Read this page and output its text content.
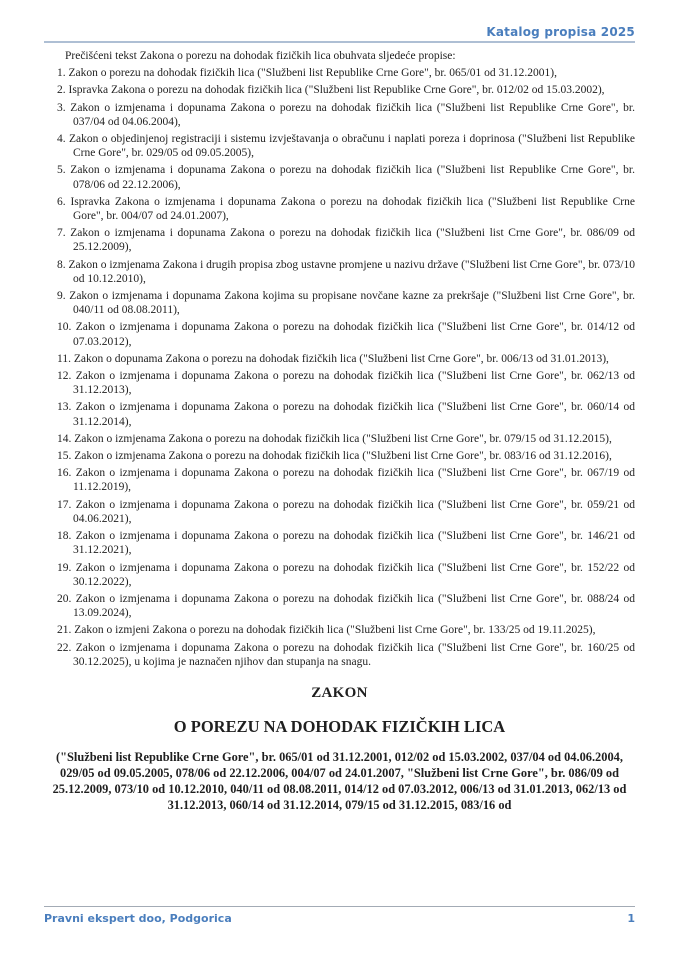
Katalog propisa 2025

Prečišćeni tekst Zakona o porezu na dohodak fizičkih lica obuhvata sljedeće propise:

1. Zakon o porezu na dohodak fizičkih lica ("Službeni list Republike Crne Gore", br. 065/01 od 31.12.2001),

2. Ispravka Zakona o porezu na dohodak fizičkih lica ("Službeni list Republike Crne Gore", br. 012/02 od 15.03.2002),

3. Zakon o izmjenama i dopunama Zakona o porezu na dohodak fizičkih lica ("Službeni list Republike Crne Gore", br. 037/04 od 04.06.2004),

4. Zakon o objedinjenoj registraciji i sistemu izvještavanja o obračunu i naplati poreza i doprinosa ("Službeni list Republike Crne Gore", br. 029/05 od 09.05.2005),

5. Zakon o izmjenama i dopunama Zakona o porezu na dohodak fizičkih lica ("Službeni list Republike Crne Gore", br. 078/06 od 22.12.2006),

6. Ispravka Zakona o izmjenama i dopunama Zakona o porezu na dohodak fizičkih lica ("Službeni list Republike Crne Gore", br. 004/07 od 24.01.2007),

7. Zakon o izmjenama i dopunama Zakona o porezu na dohodak fizičkih lica ("Službeni list Crne Gore", br. 086/09 od 25.12.2009),

8. Zakon o izmjenama Zakona i drugih propisa zbog ustavne promjene u nazivu države ("Službeni list Crne Gore", br. 073/10 od 10.12.2010),

9. Zakon o izmjenama i dopunama Zakona kojima su propisane novčane kazne za prekršaje ("Službeni list Crne Gore", br. 040/11 od 08.08.2011),

10. Zakon o izmjenama i dopunama Zakona o porezu na dohodak fizičkih lica ("Službeni list Crne Gore", br. 014/12 od 07.03.2012),

11. Zakon o dopunama Zakona o porezu na dohodak fizičkih lica ("Službeni list Crne Gore", br. 006/13 od 31.01.2013),

12. Zakon o izmjenama i dopunama Zakona o porezu na dohodak fizičkih lica ("Službeni list Crne Gore", br. 062/13 od 31.12.2013),

13. Zakon o izmjenama i dopunama Zakona o porezu na dohodak fizičkih lica ("Službeni list Crne Gore", br. 060/14 od 31.12.2014),

14. Zakon o izmjenama Zakona o porezu na dohodak fizičkih lica ("Službeni list Crne Gore", br. 079/15 od 31.12.2015),

15. Zakon o izmjenama Zakona o porezu na dohodak fizičkih lica ("Službeni list Crne Gore", br. 083/16 od 31.12.2016),

16. Zakon o izmjenama i dopunama Zakona o porezu na dohodak fizičkih lica ("Službeni list Crne Gore", br. 067/19 od 11.12.2019),

17. Zakon o izmjenama i dopunama Zakona o porezu na dohodak fizičkih lica ("Službeni list Crne Gore", br. 059/21 od 04.06.2021),

18. Zakon o izmjenama i dopunama Zakona o porezu na dohodak fizičkih lica ("Službeni list Crne Gore", br. 146/21 od 31.12.2021),

19. Zakon o izmjenama i dopunama Zakona o porezu na dohodak fizičkih lica ("Službeni list Crne Gore", br. 152/22 od 30.12.2022),

20. Zakon o izmjenama i dopunama Zakona o porezu na dohodak fizičkih lica ("Službeni list Crne Gore", br. 088/24 od 13.09.2024),

21. Zakon o izmjeni Zakona o porezu na dohodak fizičkih lica ("Službeni list Crne Gore", br. 133/25 od 19.11.2025),

22. Zakon o izmjenama i dopunama Zakona o porezu na dohodak fizičkih lica ("Službeni list Crne Gore", br. 160/25 od 30.12.2025), u kojima je naznačen njihov dan stupanja na snagu.

ZAKON
O POREZU NA DOHODAK FIZIČKIH LICA

("Službeni list Republike Crne Gore", br. 065/01 od 31.12.2001, 012/02 od 15.03.2002, 037/04 od 04.06.2004, 029/05 od 09.05.2005, 078/06 od 22.12.2006, 004/07 od 24.01.2007, "Službeni list Crne Gore", br. 086/09 od 25.12.2009, 073/10 od 10.12.2010, 040/11 od 08.08.2011, 014/12 od 07.03.2012, 006/13 od 31.01.2013, 062/13 od 31.12.2013, 060/14 od 31.12.2014, 079/15 od 31.12.2015, 083/16 od

Pravni ekspert doo, Podgorica	1
